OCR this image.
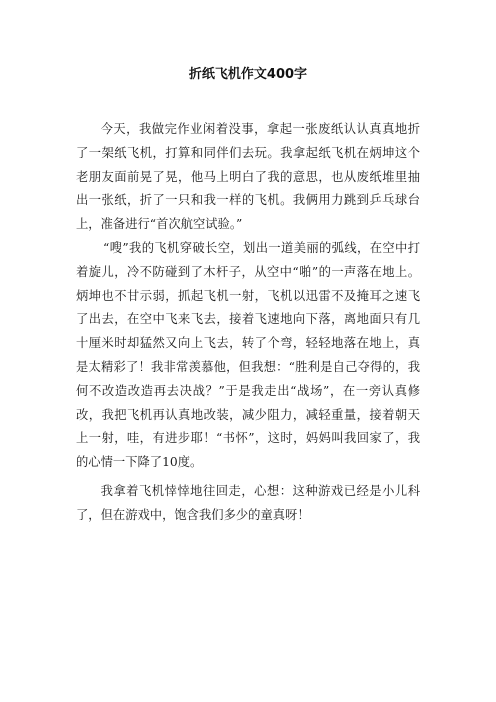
折纸飞机作文400字

今天，我做完作业闲着没事，拿起一张废纸认认真真地折了一架纸飞机，打算和同伴们去玩。我拿起纸飞机在炳坤这个老朋友面前晃了晃，他马上明白了我的意思，也从废纸堆里抽出一张纸，折了一只和我一样的飞机。我俩用力跳到乒乓球台上，准备进行“首次航空试验。”

“嗖”我的飞机穿破长空，划出一道美丽的弧线，在空中打着旋儿，冷不防碰到了木杆子，从空中“啪”的一声落在地上。炳坤也不甘示弱，抓起飞机一射，飞机以迅雷不及掩耳之速飞了出去，在空中飞来飞去，接着飞速地向下落，离地面只有几十厘米时却猛然又向上飞去，转了个弯，轻轻地落在地上，真是太精彩了！我非常羡慕他，但我想：“胜利是自己夺得的，我何不改造改造再去决战？”于是我走出“战场”，在一旁认真修改，我把飞机再认真地改装，减少阻力，减轻重量，接着朝天上一射，哇，有进步耶！“书怀”，这时，妈妈叫我回家了，我的心情一下降了10度。

我拿着飞机悻悻地往回走，心想：这种游戏已经是小儿科了，但在游戏中，饱含我们多少的童真呀！
